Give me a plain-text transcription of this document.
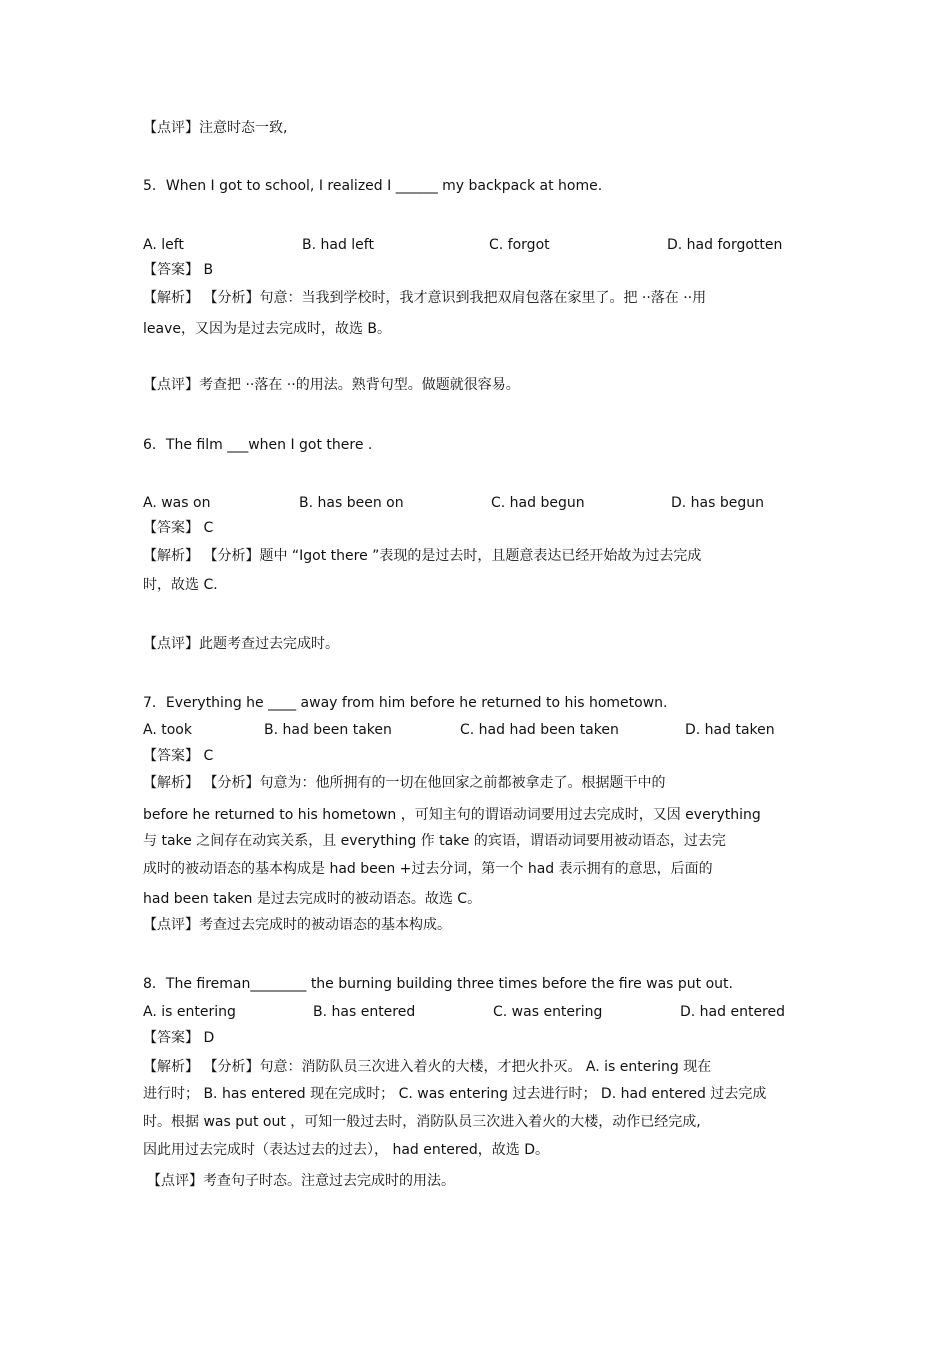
【点评】注意时态一致,
5．When I got to school, I realized I ______ my backpack at home.
A. left	B. had left	C. forgot	D. had forgotten
【答案】 B
【解析】 【分析】句意：当我到学校时，我才意识到我把双肩包落在家里了。把 ··落在 ··用
leave，又因为是过去完成时，故选 B。
【点评】考查把 ··落在 ··的用法。熟背句型。做题就很容易。
6．The film ___when I got there .
A. was on	B. has been on	C. had begun	D. has begun
【答案】 C
【解析】 【分析】题中 “Igot there ”表现的是过去时，且题意表达已经开始故为过去完成
时，故选 C.
【点评】此题考查过去完成时。
7．Everything he ____ away from him before he returned to his hometown.
A. took	B. had been taken	C. had had been taken	D. had taken
【答案】 C
【解析】 【分析】句意为：他所拥有的一切在他回家之前都被拿走了。根据题干中的
before he returned to his hometown ，可知主句的谓语动词要用过去完成时，又因 everything
与 take 之间存在动宾关系，且 everything 作 take 的宾语，谓语动词要用被动语态，过去完
成时的被动语态的基本构成是 had been +过去分词，第一个 had 表示拥有的意思，后面的
had been taken 是过去完成时的被动语态。故选 C。
【点评】考查过去完成时的被动语态的基本构成。
8．The fireman________ the burning building three times before the fire was put out.
A. is entering	B. has entered	C. was entering	D. had entered
【答案】 D
【解析】 【分析】句意：消防队员三次进入着火的大楼，才把火扑灭。 A. is entering 现在
进行时； B. has entered 现在完成时； C. was entering 过去进行时； D. had entered 过去完成
时。根据 was put out ，可知一般过去时，消防队员三次进入着火的大楼，动作已经完成,
因此用过去完成时（表达过去的过去）， had entered，故选 D。
【点评】考查句子时态。注意过去完成时的用法。
